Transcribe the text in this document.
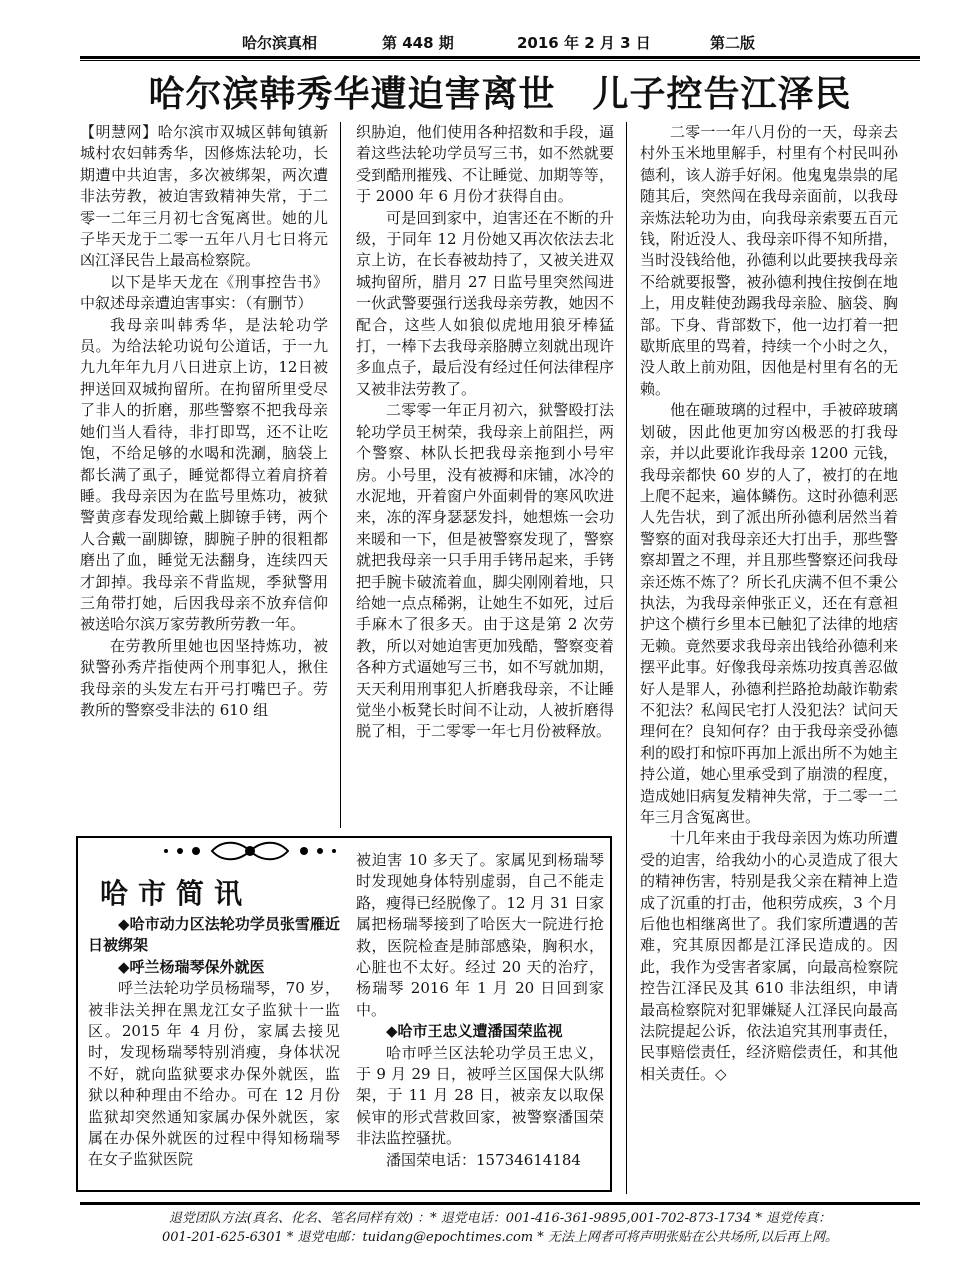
哈尔滨真相	第 448 期	2016 年 2 月 3 日	第二版
哈尔滨韩秀华遭迫害离世　儿子控告江泽民

【明慧网】哈尔滨市双城区韩甸镇新城村农妇韩秀华，因修炼法轮功，长期遭中共迫害，多次被绑架，两次遭非法劳教，被迫害致精神失常，于二零一二年三月初七含冤离世。她的儿子毕天龙于二零一五年八月七日将元凶江泽民告上最高检察院。

以下是毕天龙在《刑事控告书》中叙述母亲遭迫害事实：（有删节）

我母亲叫韩秀华，是法轮功学员。为给法轮功说句公道话，于一九九九年年九月八日进京上访，12日被押送回双城拘留所。在拘留所里受尽了非人的折磨，那些警察不把我母亲她们当人看待，非打即骂，还不让吃饱，不给足够的水喝和洗涮，脑袋上都长满了虱子，睡觉都得立着肩挤着睡。我母亲因为在监号里炼功，被狱警黄彦春发现给戴上脚镣手铐，两个人合戴一副脚镣，脚腕子肿的很粗都磨出了血，睡觉无法翻身，连续四天才卸掉。我母亲不背监规，季狱警用三角带打她，后因我母亲不放弃信仰被送哈尔滨万家劳教所劳教一年。

在劳教所里她也因坚持炼功，被狱警孙秀芹指使两个刑事犯人，揪住我母亲的头发左右开弓打嘴巴子。劳教所的警察受非法的 610 组

织胁迫，他们使用各种招数和手段，逼着这些法轮功学员写三书，如不然就要受到酷刑摧残、不让睡觉、加期等等，于 2000 年 6 月份才获得自由。

可是回到家中，迫害还在不断的升级，于同年 12 月份她又再次依法去北京上访，在长春被劫持了，又被关进双城拘留所，腊月 27 日监号里突然闯进一伙武警要强行送我母亲劳教，她因不配合，这些人如狼似虎地用狼牙棒猛打，一棒下去我母亲胳膊立刻就出现许多血点子，最后没有经过任何法律程序又被非法劳教了。

二零零一年正月初六，狱警殴打法轮功学员王树荣，我母亲上前阻拦，两个警察、林队长把我母亲拖到小号牢房。小号里，没有被褥和床铺，冰冷的水泥地，开着窗户外面刺骨的寒风吹进来，冻的浑身瑟瑟发抖，她想炼一会功来暖和一下，但是被警察发现了，警察就把我母亲一只手用手铐吊起来，手铐把手腕卡破流着血，脚尖刚刚着地，只给她一点点稀粥，让她生不如死，过后手麻木了很多天。由于这是第 2 次劳教，所以对她迫害更加残酷，警察变着各种方式逼她写三书，如不写就加期，天天利用刑事犯人折磨我母亲，不让睡觉坐小板凳长时间不让动，人被折磨得脱了相，于二零零一年七月份被释放。

二零一一年八月份的一天，母亲去村外玉米地里解手，村里有个村民叫孙德利，该人游手好闲。他鬼鬼祟祟的尾随其后，突然闯在我母亲面前，以我母亲炼法轮功为由，向我母亲索要五百元钱，附近没人、我母亲吓得不知所措，当时没钱给他，孙德利以此要挟我母亲不给就要报警，被孙德利拽住按倒在地上，用皮鞋使劲踢我母亲脸、脑袋、胸部。下身、背部数下，他一边打着一把歇斯底里的骂着，持续一个小时之久，没人敢上前劝阻，因他是村里有名的无赖。

他在砸玻璃的过程中，手被碎玻璃划破，因此他更加穷凶极恶的打我母亲，并以此要讹诈我母亲 1200 元钱，我母亲都快 60 岁的人了，被打的在地上爬不起来，遍体鳞伤。这时孙德利恶人先告状，到了派出所孙德利居然当着警察的面对我母亲还大打出手，那些警察却置之不理，并且那些警察还问我母亲还炼不炼了？所长孔庆满不但不秉公执法，为我母亲伸张正义，还在有意袒护这个横行乡里本已触犯了法律的地痞无赖。竟然要求我母亲出钱给孙德利来摆平此事。好像我母亲炼功按真善忍做好人是罪人，孙德利拦路抢劫敲诈勒索不犯法？私闯民宅打人没犯法？试问天理何在？良知何存？由于我母亲受孙德利的殴打和惊吓再加上派出所不为她主持公道，她心里承受到了崩溃的程度，造成她旧病复发精神失常，于二零一二年三月含冤离世。

十几年来由于我母亲因为炼功所遭受的迫害，给我幼小的心灵造成了很大的精神伤害，特别是我父亲在精神上造成了沉重的打击，他积劳成疾，3 个月后他也相继离世了。我们家所遭遇的苦难，究其原因都是江泽民造成的。因此，我作为受害者家属，向最高检察院控告江泽民及其 610 非法组织，申请最高检察院对犯罪嫌疑人江泽民向最高法院提起公诉，依法追究其刑事责任，民事赔偿责任，经济赔偿责任，和其他相关责任。◇

哈市简讯

◆哈市动力区法轮功学员张雪雁近日被绑架

◆呼兰杨瑞琴保外就医

呼兰法轮功学员杨瑞琴，70 岁，被非法关押在黑龙江女子监狱十一监区。2015 年 4 月份，家属去接见时，发现杨瑞琴特别消瘦，身体状况不好，就向监狱要求办保外就医，监狱以种种理由不给办。可在 12 月份监狱却突然通知家属办保外就医，家属在办保外就医的过程中得知杨瑞琴在女子监狱医院

被迫害 10 多天了。家属见到杨瑞琴时发现她身体特别虚弱，自己不能走路，瘦得已经脱像了。12 月 31 日家属把杨瑞琴接到了哈医大一院进行抢救，医院检查是肺部感染，胸积水，心脏也不太好。经过 20 天的治疗，杨瑞琴 2016 年 1 月 20 日回到家中。

◆哈市王忠义遭潘国荣监视

哈市呼兰区法轮功学员王忠义，于 9 月 29 日，被呼兰区国保大队绑架，于 11 月 28 日，被亲友以取保候审的形式营救回家，被警察潘国荣非法监控骚扰。

潘国荣电话：15734614184

退党团队方法(真名、化名、笔名同样有效) ：* 退党电话：001-416-361-9895,001-702-873-1734 * 退党传真：
001-201-625-6301 * 退党电邮：tuidang@epochtimes.com * 无法上网者可将声明张贴在公共场所,以后再上网。
